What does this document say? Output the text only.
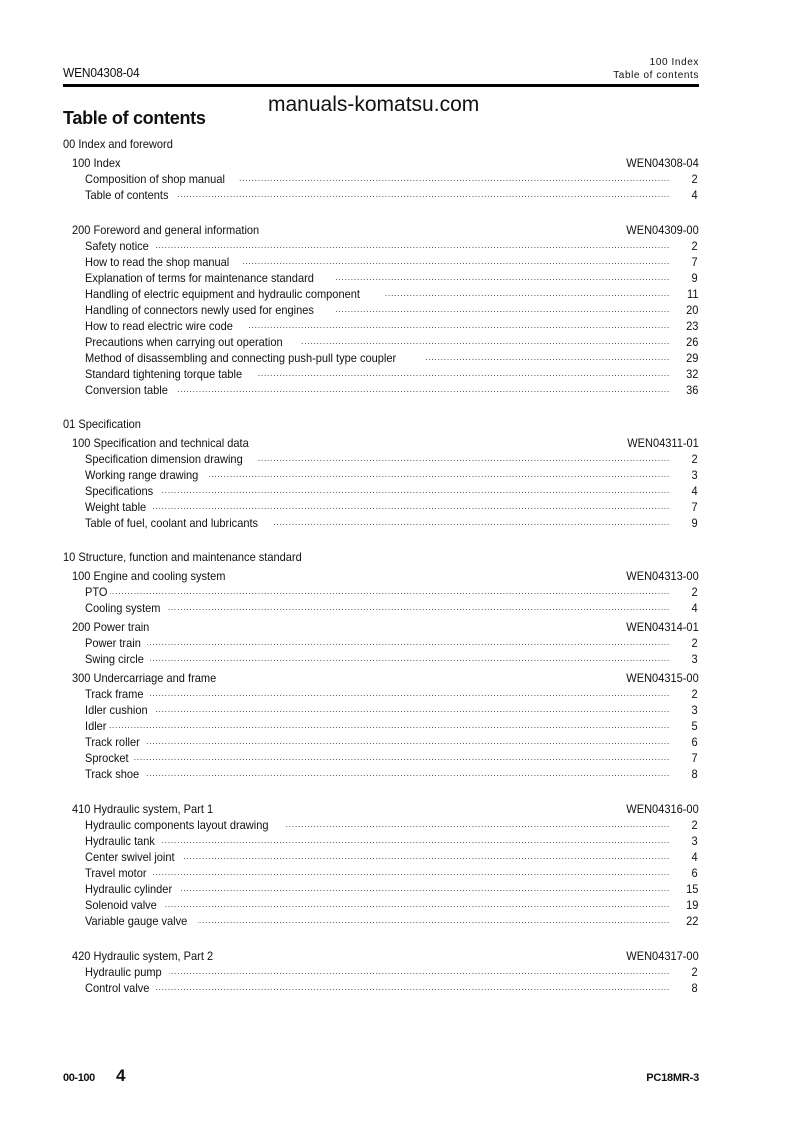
WEN04308-04
100 Index
Table of contents
manuals-komatsu.com
Table of contents
00 Index and foreword
100 Index	WEN04308-04
.....
Composition of shop manual	2
.....
Table of contents	4
200 Foreword and general information	WEN04309-00
.....
Safety notice	2
.....
How to read the shop manual	7
.....
Explanation of terms for maintenance standard	9
.....
Handling of electric equipment and hydraulic component	11
.....
Handling of connectors newly used for engines	20
.....
How to read electric wire code	23
.....
Precautions when carrying out operation	26
.....
Method of disassembling and connecting push-pull type coupler	29
.....
Standard tightening torque table	32
.....
Conversion table	36
01 Specification
100 Specification and technical data	WEN04311-01
.....
Specification dimension drawing	2
.....
Working range drawing	3
.....
Specifications	4
.....
Weight table	7
.....
Table of fuel, coolant and lubricants	9
10 Structure, function and maintenance standard
100 Engine and cooling system	WEN04313-00
.....
PTO	2
.....
Cooling system	4
200 Power train	WEN04314-01
.....
Power train	2
.....
Swing circle	3
300 Undercarriage and frame	WEN04315-00
.....
Track frame	2
.....
Idler cushion	3
.....
Idler	5
.....
Track roller	6
.....
Sprocket	7
.....
Track shoe	8
410 Hydraulic system, Part 1	WEN04316-00
.....
Hydraulic components layout drawing	2
.....
Hydraulic tank	3
.....
Center swivel joint	4
.....
Travel motor	6
.....
Hydraulic cylinder	15
.....
Solenoid valve	19
.....
Variable gauge valve	22
420 Hydraulic system, Part 2	WEN04317-00
.....
Hydraulic pump	2
.....
Control valve	8
00-100 4	PC18MR-3
